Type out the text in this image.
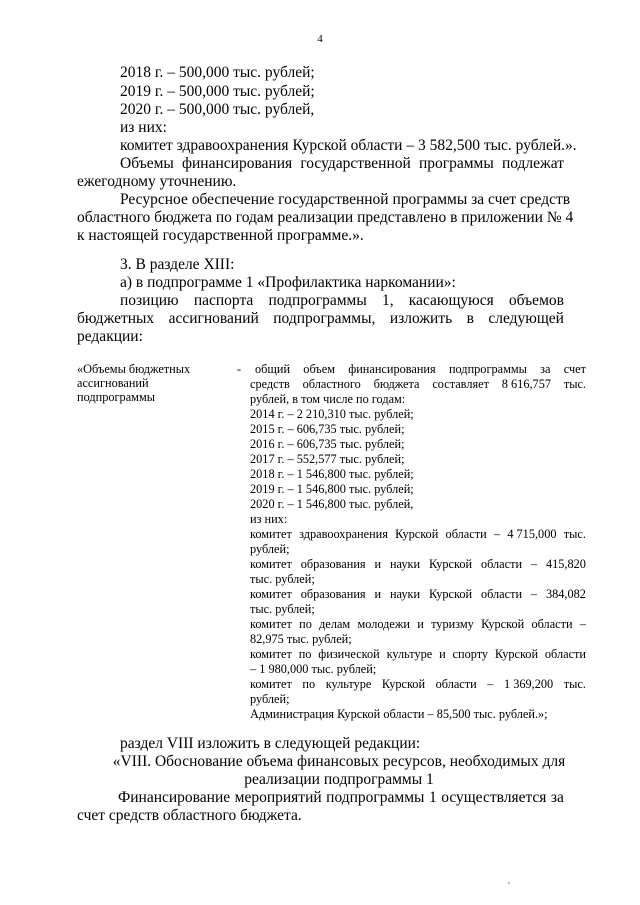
4
2018 г. – 500,000 тыс. рублей;
2019 г. – 500,000 тыс. рублей;
2020 г. – 500,000 тыс. рублей,
из них:
комитет здравоохранения Курской области – 3 582,500 тыс. рублей.».
Объемы финансирования государственной программы подлежат
ежегодному уточнению.
Ресурсное обеспечение государственной программы за счет средств
областного бюджета по годам реализации представлено в приложении № 4
к настоящей государственной программе.».
3. В разделе XIII:
а) в подпрограмме 1 «Профилактика наркомании»:
позицию паспорта подпрограммы 1, касающуюся объемов
бюджетных ассигнований подпрограммы, изложить в следующей
редакции:
«Объемы бюджетных
ассигнований
подпрограммы
- общий объем финансирования подпрограммы за счет
средств областного бюджета составляет 8 616,757 тыс.
рублей, в том числе по годам:
2014 г. – 2 210,310 тыс. рублей;
2015 г. – 606,735 тыс. рублей;
2016 г. – 606,735 тыс. рублей;
2017 г. – 552,577 тыс. рублей;
2018 г. – 1 546,800 тыс. рублей;
2019 г. – 1 546,800 тыс. рублей;
2020 г. – 1 546,800 тыс. рублей,
из них:
комитет здравоохранения Курской области – 4 715,000 тыс.
рублей;
комитет образования и науки Курской области – 415,820
тыс. рублей;
комитет образования и науки Курской области – 384,082
тыс. рублей;
комитет по делам молодежи и туризму Курской области –
82,975 тыс. рублей;
комитет по физической культуре и спорту Курской области
– 1 980,000 тыс. рублей;
комитет по культуре Курской области – 1 369,200 тыс.
рублей;
Администрация Курской области – 85,500 тыс. рублей.»;
раздел VIII изложить в следующей редакции:
«VIII. Обоснование объема финансовых ресурсов, необходимых для
реализации подпрограммы 1
Финансирование мероприятий подпрограммы 1 осуществляется за
счет средств областного бюджета.
